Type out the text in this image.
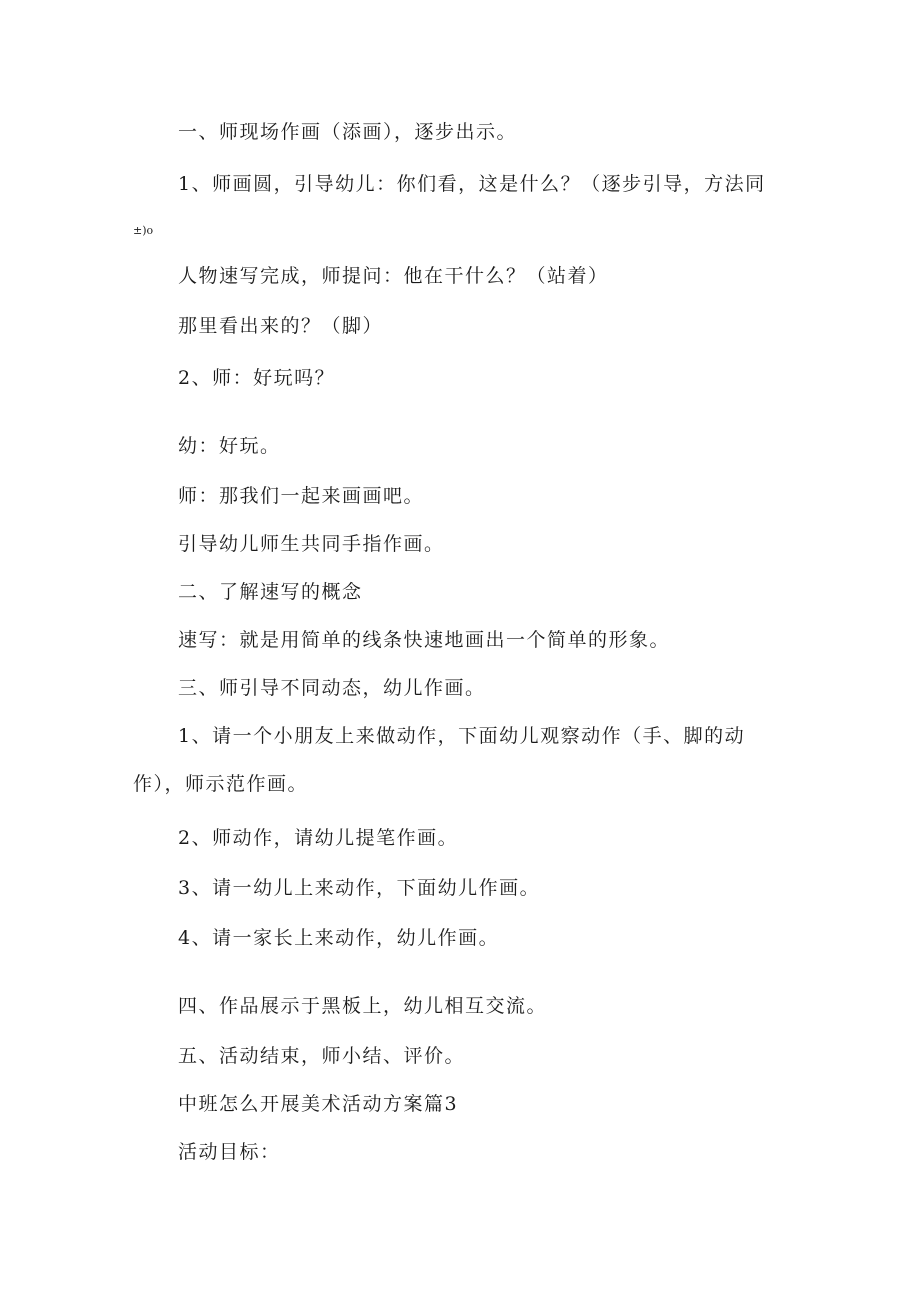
一、师现场作画（添画），逐步出示。
1、师画圆，引导幼儿：你们看，这是什么？（逐步引导，方法同
±)o
人物速写完成，师提问：他在干什么？（站着）
那里看出来的？（脚）
2、师：好玩吗？
幼：好玩。
师：那我们一起来画画吧。
引导幼儿师生共同手指作画。
二、了解速写的概念
速写：就是用简单的线条快速地画出一个简单的形象。
三、师引导不同动态，幼儿作画。
1、请一个小朋友上来做动作，下面幼儿观察动作（手、脚的动
作），师示范作画。
2、师动作，请幼儿提笔作画。
3、请一幼儿上来动作，下面幼儿作画。
4、请一家长上来动作，幼儿作画。
四、作品展示于黑板上，幼儿相互交流。
五、活动结束，师小结、评价。
中班怎么开展美术活动方案篇3
活动目标：
